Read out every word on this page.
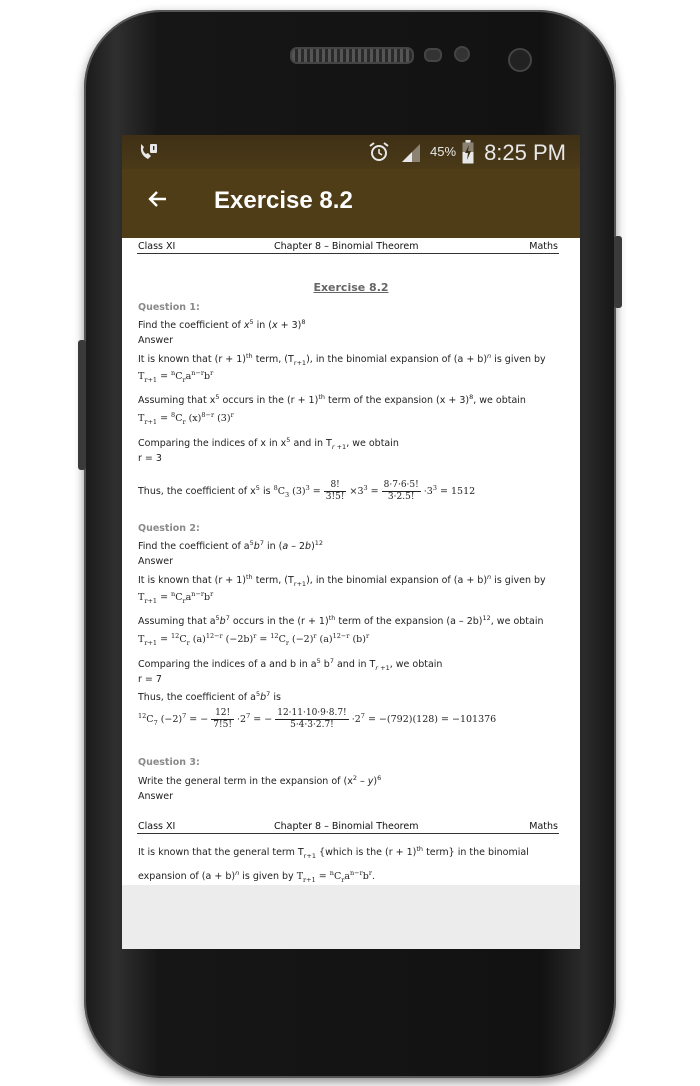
45% 8:25 PM
Exercise 8.2
Class XI	Chapter 8 – Binomial Theorem	Maths
Exercise 8.2
Question 1:
Find the coefficient of $x^5$ in $(x + 3)^8$
Answer
It is known that $(r + 1)^{th}$ term, $(T_{r+1})$, in the binomial expansion of $(a + b)^n$ is given by
$T_{r+1} = ^nC_ra^{n-r}b^r$
Assuming that $x^5$ occurs in the $(r + 1)^{th}$ term of the expansion $(x + 3)^8$, we obtain
$T_{r+1} = ^8C_r$ $(x)^{8-r}$ $(3)^r$
Comparing the indices of x in $x^5$ and in $T_{r +1}$, we obtain
r = 3
Thus, the coefficient of $x^5$ is $^8C_3$ $(3)^3 = \frac{8!}{3!5!} \times 3^3 = \frac{8\cdot 7\cdot 6\cdot 5!}{3\cdot 2.5!} \cdot 3^3 = 1512$
Question 2:
Find the coefficient of $a^5b^7$ in (a – 2b)$^{12}$
Answer
It is known that $(r + 1)^{th}$ term, $(T_{r+1})$, in the binomial expansion of $(a + b)^n$ is given by
$T_{r+1} = ^nC_ra^{n-r}b^r$
Assuming that $a^5b^7$ occurs in the $(r + 1)^{th}$ term of the expansion (a – 2b)$^{12}$, we obtain
$T_{r+1} = ^{12}C_r$ $(a)^{12-r}$ $(-2b)^r = ^{12}C_r$ $(-2)^r$ $(a)^{12-r}$ $(b)^r$
Comparing the indices of a and b in $a^5$ $b^7$ and in $T_{r +1}$, we obtain
r = 7
Thus, the coefficient of $a^5b^7$ is
$^{12}C_7$ $(-2)^7$ = − $\frac{12!}{7!5!} \cdot 2^7$ = − $\frac{12\cdot 11\cdot 10\cdot 9\cdot 8.7!}{5\cdot 4\cdot 3\cdot 2.7!} \cdot 2^7 = -(792)(128) = -101376$
Question 3:
Write the general term in the expansion of $(x^2 - y)^6$
Answer
Class XI	Chapter 8 – Binomial Theorem	Maths
It is known that the general term $T_{r+1}$ {which is the $(r + 1)^{th}$ term} in the binomial
expansion of $(a + b)^n$ is given by $T_{r+1} = ^nC_ra^{n-r}b^r$.
